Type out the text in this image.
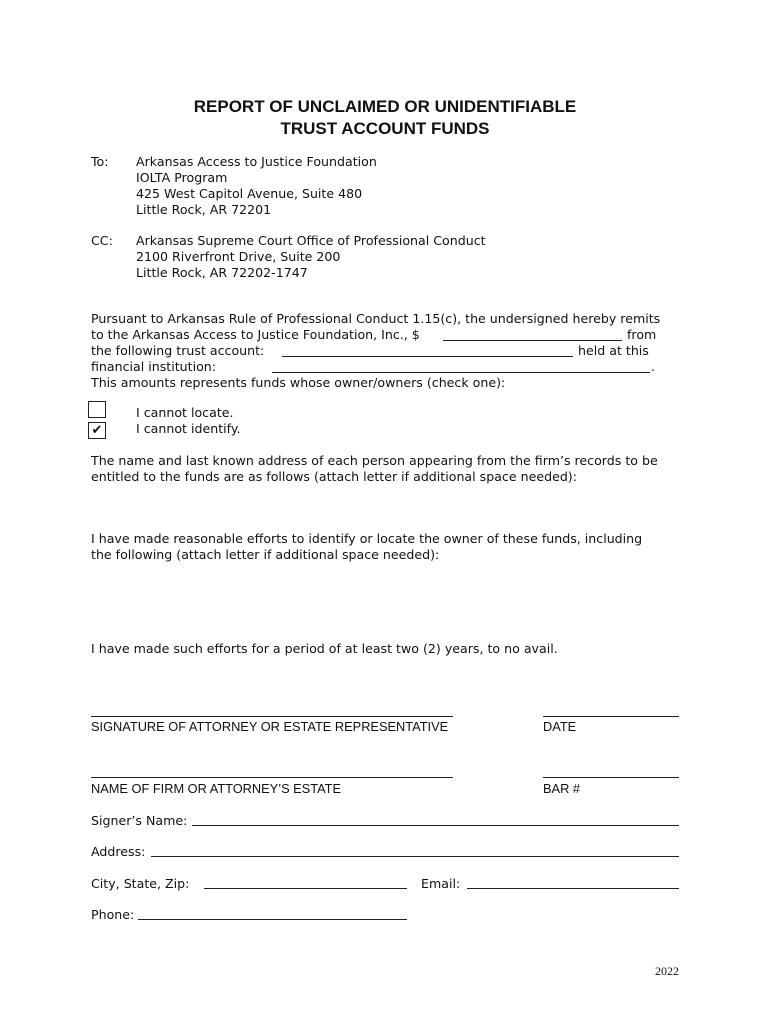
REPORT OF UNCLAIMED OR UNIDENTIFIABLE
TRUST ACCOUNT FUNDS
To: Arkansas Access to Justice Foundation
IOLTA Program
425 West Capitol Avenue, Suite 480
Little Rock, AR 72201
CC: Arkansas Supreme Court Office of Professional Conduct
2100 Riverfront Drive, Suite 200
Little Rock, AR 72202-1747
Pursuant to Arkansas Rule of Professional Conduct 1.15(c), the undersigned hereby remits
to the Arkansas Access to Justice Foundation, Inc., $	from
the following trust account:	held at this
financial institution:	.
This amounts represents funds whose owner/owners (check one):
I cannot locate.
✔	I cannot identify.
The name and last known address of each person appearing from the firm’s records to be
entitled to the funds are as follows (attach letter if additional space needed):
I have made reasonable efforts to identify or locate the owner of these funds, including
the following (attach letter if additional space needed):
I have made such efforts for a period of at least two (2) years, to no avail.
SIGNATURE OF ATTORNEY OR ESTATE REPRESENTATIVE	DATE
NAME OF FIRM OR ATTORNEY’S ESTATE	BAR #
Signer’s Name:
Address:
City, State, Zip:	Email:
Phone:
2022
